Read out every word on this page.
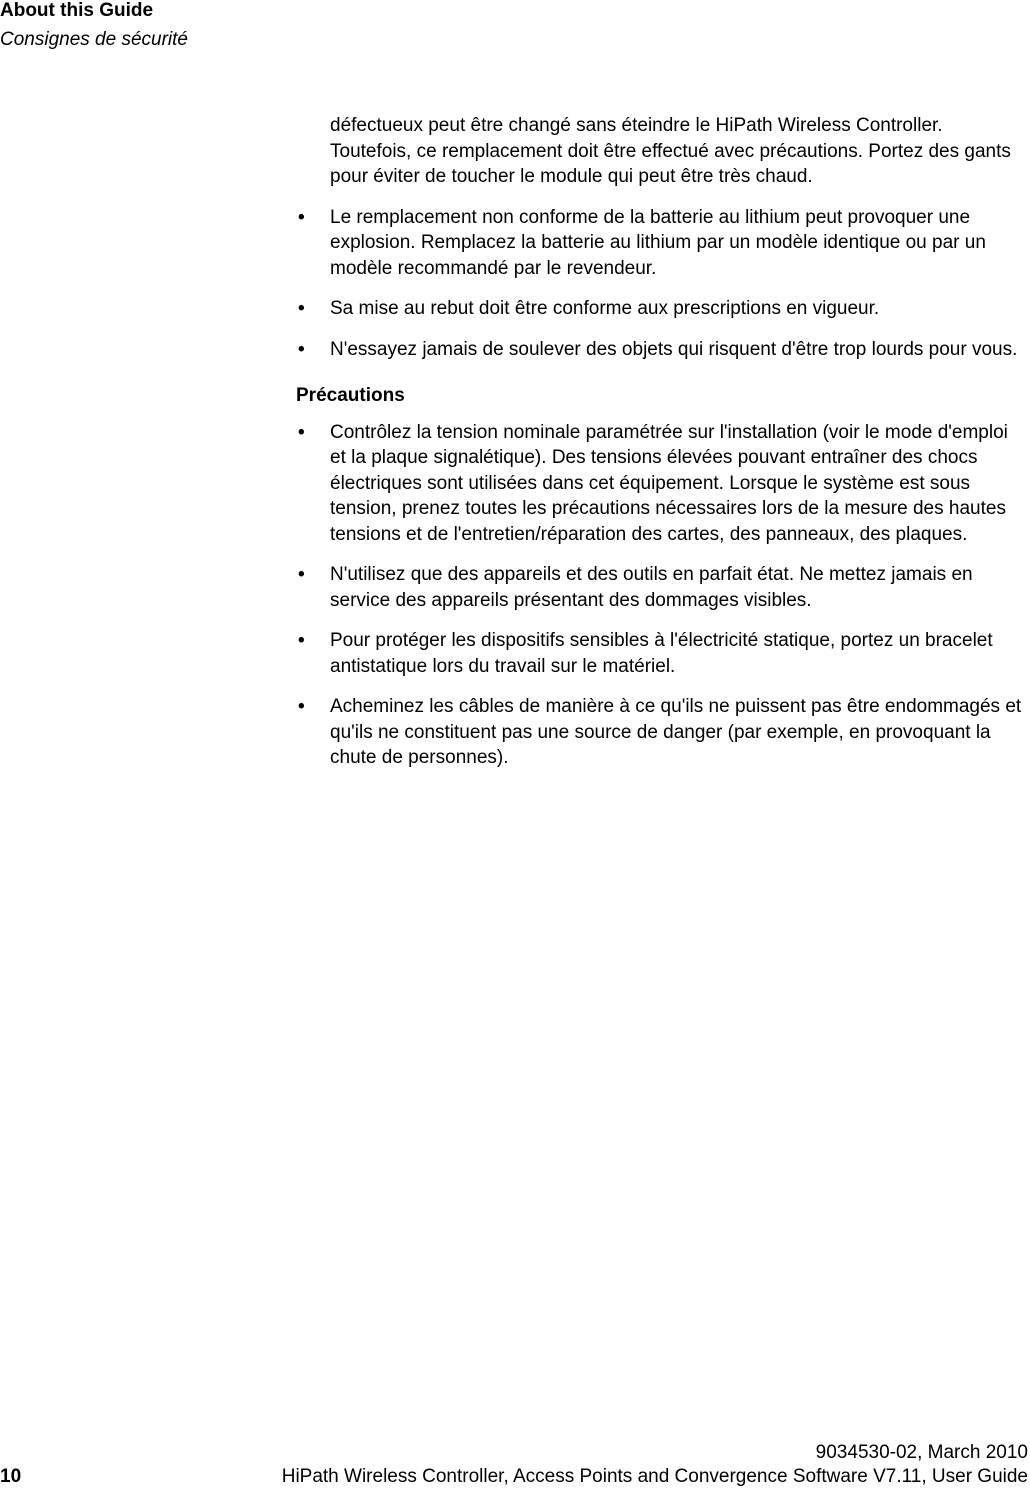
About this Guide
Consignes de sécurité

défectueux peut être changé sans éteindre le HiPath Wireless Controller. Toutefois, ce remplacement doit être effectué avec précautions. Portez des gants pour éviter de toucher le module qui peut être très chaud.

• Le remplacement non conforme de la batterie au lithium peut provoquer une explosion. Remplacez la batterie au lithium par un modèle identique ou par un modèle recommandé par le revendeur.
• Sa mise au rebut doit être conforme aux prescriptions en vigueur.
• N'essayez jamais de soulever des objets qui risquent d'être trop lourds pour vous.
Précautions
• Contrôlez la tension nominale paramétrée sur l'installation (voir le mode d'emploi et la plaque signalétique). Des tensions élevées pouvant entraîner des chocs électriques sont utilisées dans cet équipement. Lorsque le système est sous tension, prenez toutes les précautions nécessaires lors de la mesure des hautes tensions et de l'entretien/réparation des cartes, des panneaux, des plaques.
• N'utilisez que des appareils et des outils en parfait état. Ne mettez jamais en service des appareils présentant des dommages visibles.
• Pour protéger les dispositifs sensibles à l'électricité statique, portez un bracelet antistatique lors du travail sur le matériel.
• Acheminez les câbles de manière à ce qu'ils ne puissent pas être endommagés et qu'ils ne constituent pas une source de danger (par exemple, en provoquant la chute de personnes).
9034530-02, March 2010
10	HiPath Wireless Controller, Access Points and Convergence Software V7.11, User Guide
